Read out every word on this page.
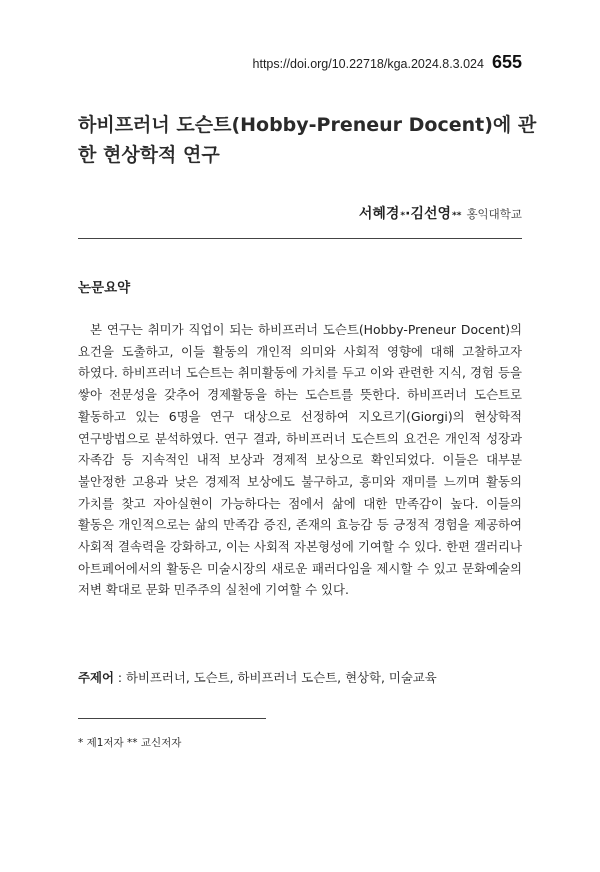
https://doi.org/10.22718/kga.2024.8.3.024 655
하비프러너 도슨트(Hobby-Preneur Docent)에 관한 현상학적 연구
서혜경 * · 김선영 ** 홍익대학교
논문요약
본 연구는 취미가 직업이 되는 하비프러너 도슨트(Hobby-Preneur Docent)의 요건을 도출하고, 이들 활동의 개인적 의미와 사회적 영향에 대해 고찰하고자 하였다. 하비프러너 도슨트는 취미활동에 가치를 두고 이와 관련한 지식, 경험 등을 쌓아 전문성을 갖추어 경제활동을 하는 도슨트를 뜻한다. 하비프러너 도슨트로 활동하고 있는 6명을 연구 대상으로 선정하여 지오르기(Giorgi)의 현상학적 연구방법으로 분석하였다. 연구 결과, 하비프러너 도슨트의 요건은 개인적 성장과 자족감 등 지속적인 내적 보상과 경제적 보상으로 확인되었다. 이들은 대부분 불안정한 고용과 낮은 경제적 보상에도 불구하고, 흥미와 재미를 느끼며 활동의 가치를 찾고 자아실현이 가능하다는 점에서 삶에 대한 만족감이 높다. 이들의 활동은 개인적으로는 삶의 만족감 증진, 존재의 효능감 등 긍정적 경험을 제공하여 사회적 결속력을 강화하고, 이는 사회적 자본형성에 기여할 수 있다. 한편 갤러리나 아트페어에서의 활동은 미술시장의 새로운 패러다임을 제시할 수 있고 문화예술의 저변 확대로 문화 민주주의 실천에 기여할 수 있다.
주제어 : 하비프러너, 도슨트, 하비프러너 도슨트, 현상학, 미술교육
* 제1저자 ** 교신저자
